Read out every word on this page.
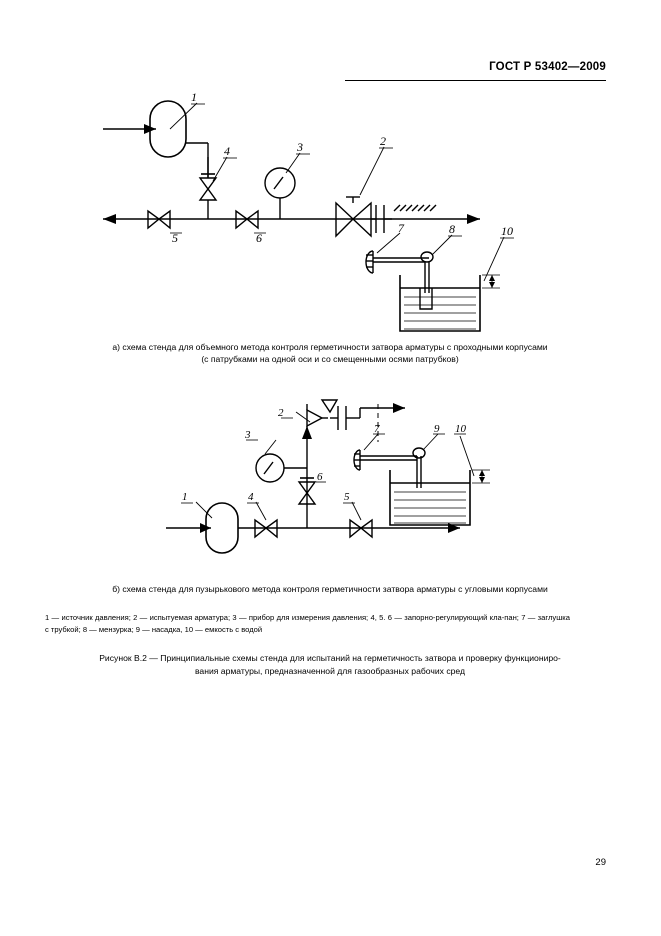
ГОСТ Р 53402—2009
1
4	3	2
7	8	10
5	6
а) схема стенда для объемного метода контроля герметичности затвора арматуры с проходными корпусами
(с патрубками на одной оси и со смещенными осями патрубков)
2
3	7	9 10
1	4	5
6
б) схема стенда для пузырькового метода контроля герметичности затвора арматуры с угловыми корпусами
1 — источник давления; 2 — испытуемая арматура; 3 — прибор для измерения давления; 4, 5. 6 — запорно-регулирующий кла-пан; 7 — заглушка с трубкой; 8 — мензурка; 9 — насадка, 10 — емкость с водой
Рисунок В.2 — Принципиальные схемы стенда для испытаний на герметичность затвора и проверку функциониро-
вания арматуры, предназначенной для газообразных рабочих сред
29
